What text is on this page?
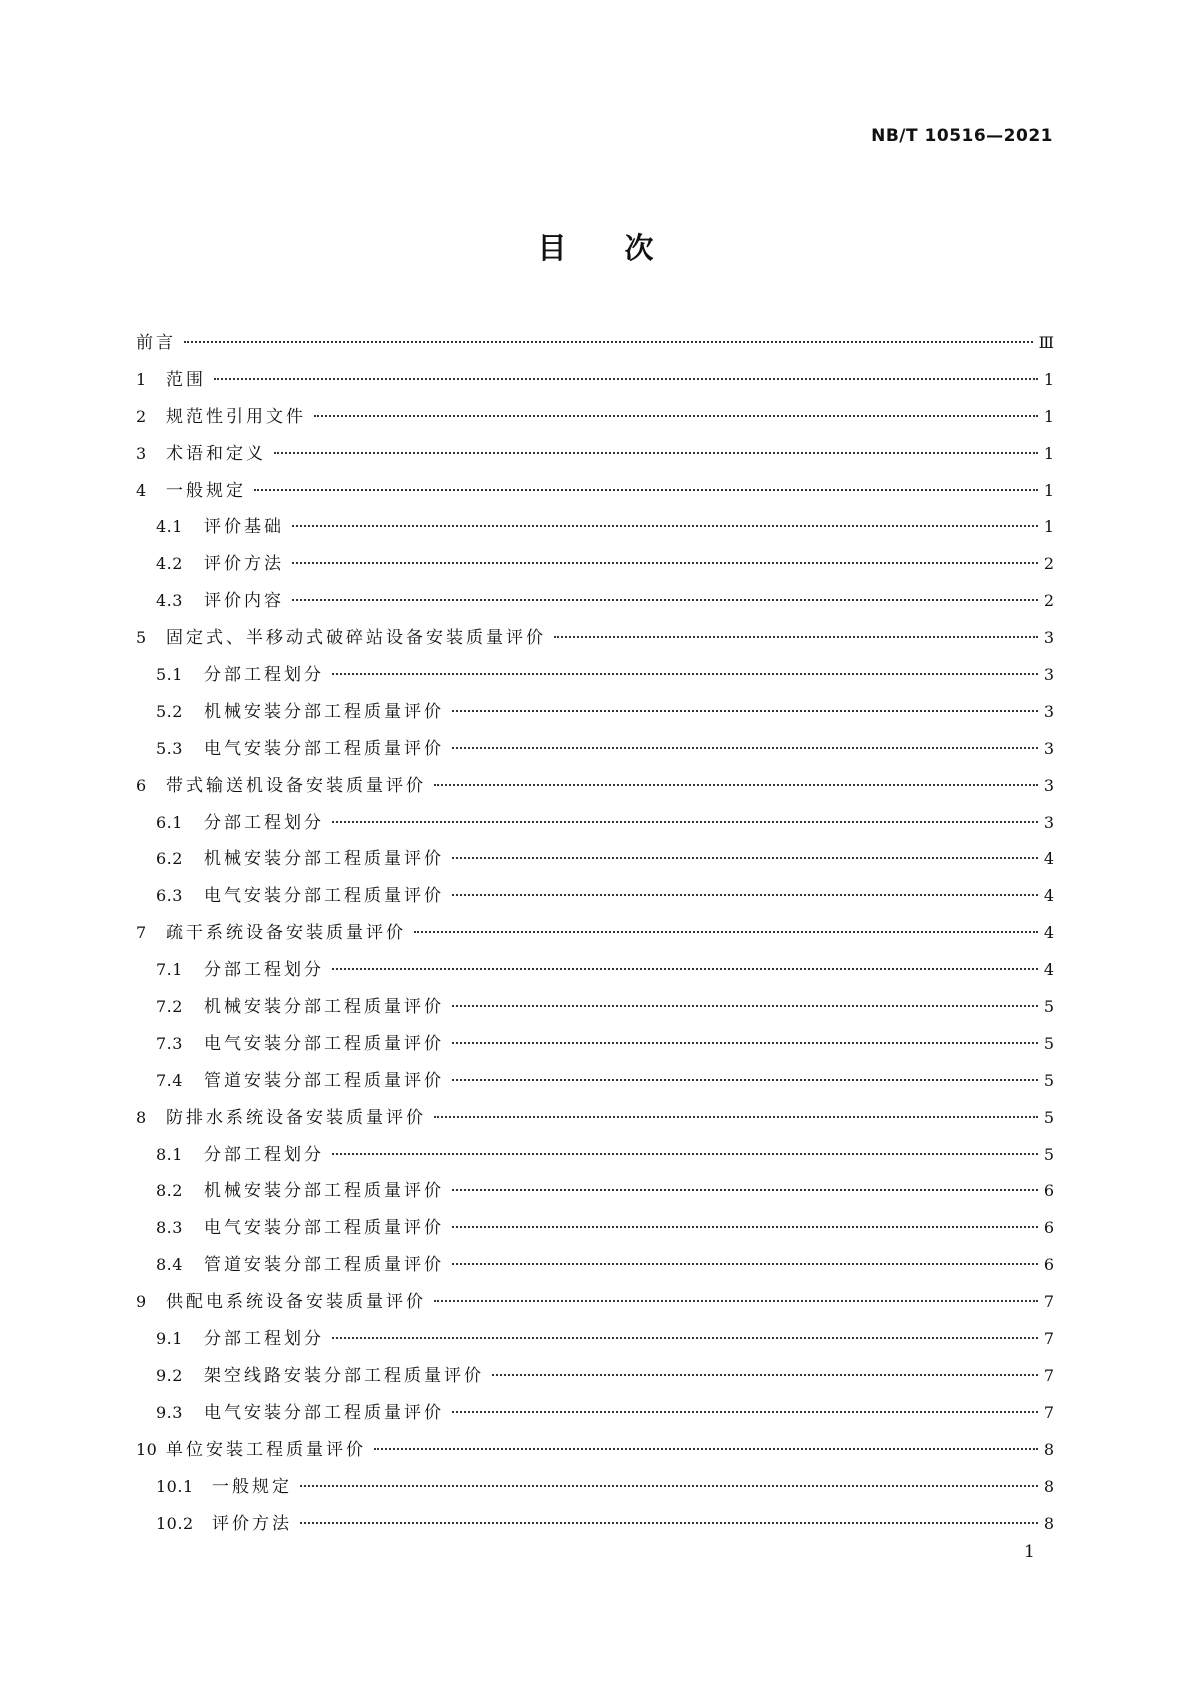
NB/T 10516—2021
目次
前言	Ⅲ
1	范围	1
2	规范性引用文件	1
3	术语和定义	1
4	一般规定	1
4.1	评价基础	1
4.2	评价方法	2
4.3	评价内容	2
5	固定式、半移动式破碎站设备安装质量评价	3
5.1	分部工程划分	3
5.2	机械安装分部工程质量评价	3
5.3	电气安装分部工程质量评价	3
6	带式输送机设备安装质量评价	3
6.1	分部工程划分	3
6.2	机械安装分部工程质量评价	4
6.3	电气安装分部工程质量评价	4
7	疏干系统设备安装质量评价	4
7.1	分部工程划分	4
7.2	机械安装分部工程质量评价	5
7.3	电气安装分部工程质量评价	5
7.4	管道安装分部工程质量评价	5
8	防排水系统设备安装质量评价	5
8.1	分部工程划分	5
8.2	机械安装分部工程质量评价	6
8.3	电气安装分部工程质量评价	6
8.4	管道安装分部工程质量评价	6
9	供配电系统设备安装质量评价	7
9.1	分部工程划分	7
9.2	架空线路安装分部工程质量评价	7
9.3	电气安装分部工程质量评价	7
10 单位安装工程质量评价	8
10.1	一般规定	8
10.2	评价方法	8
1
